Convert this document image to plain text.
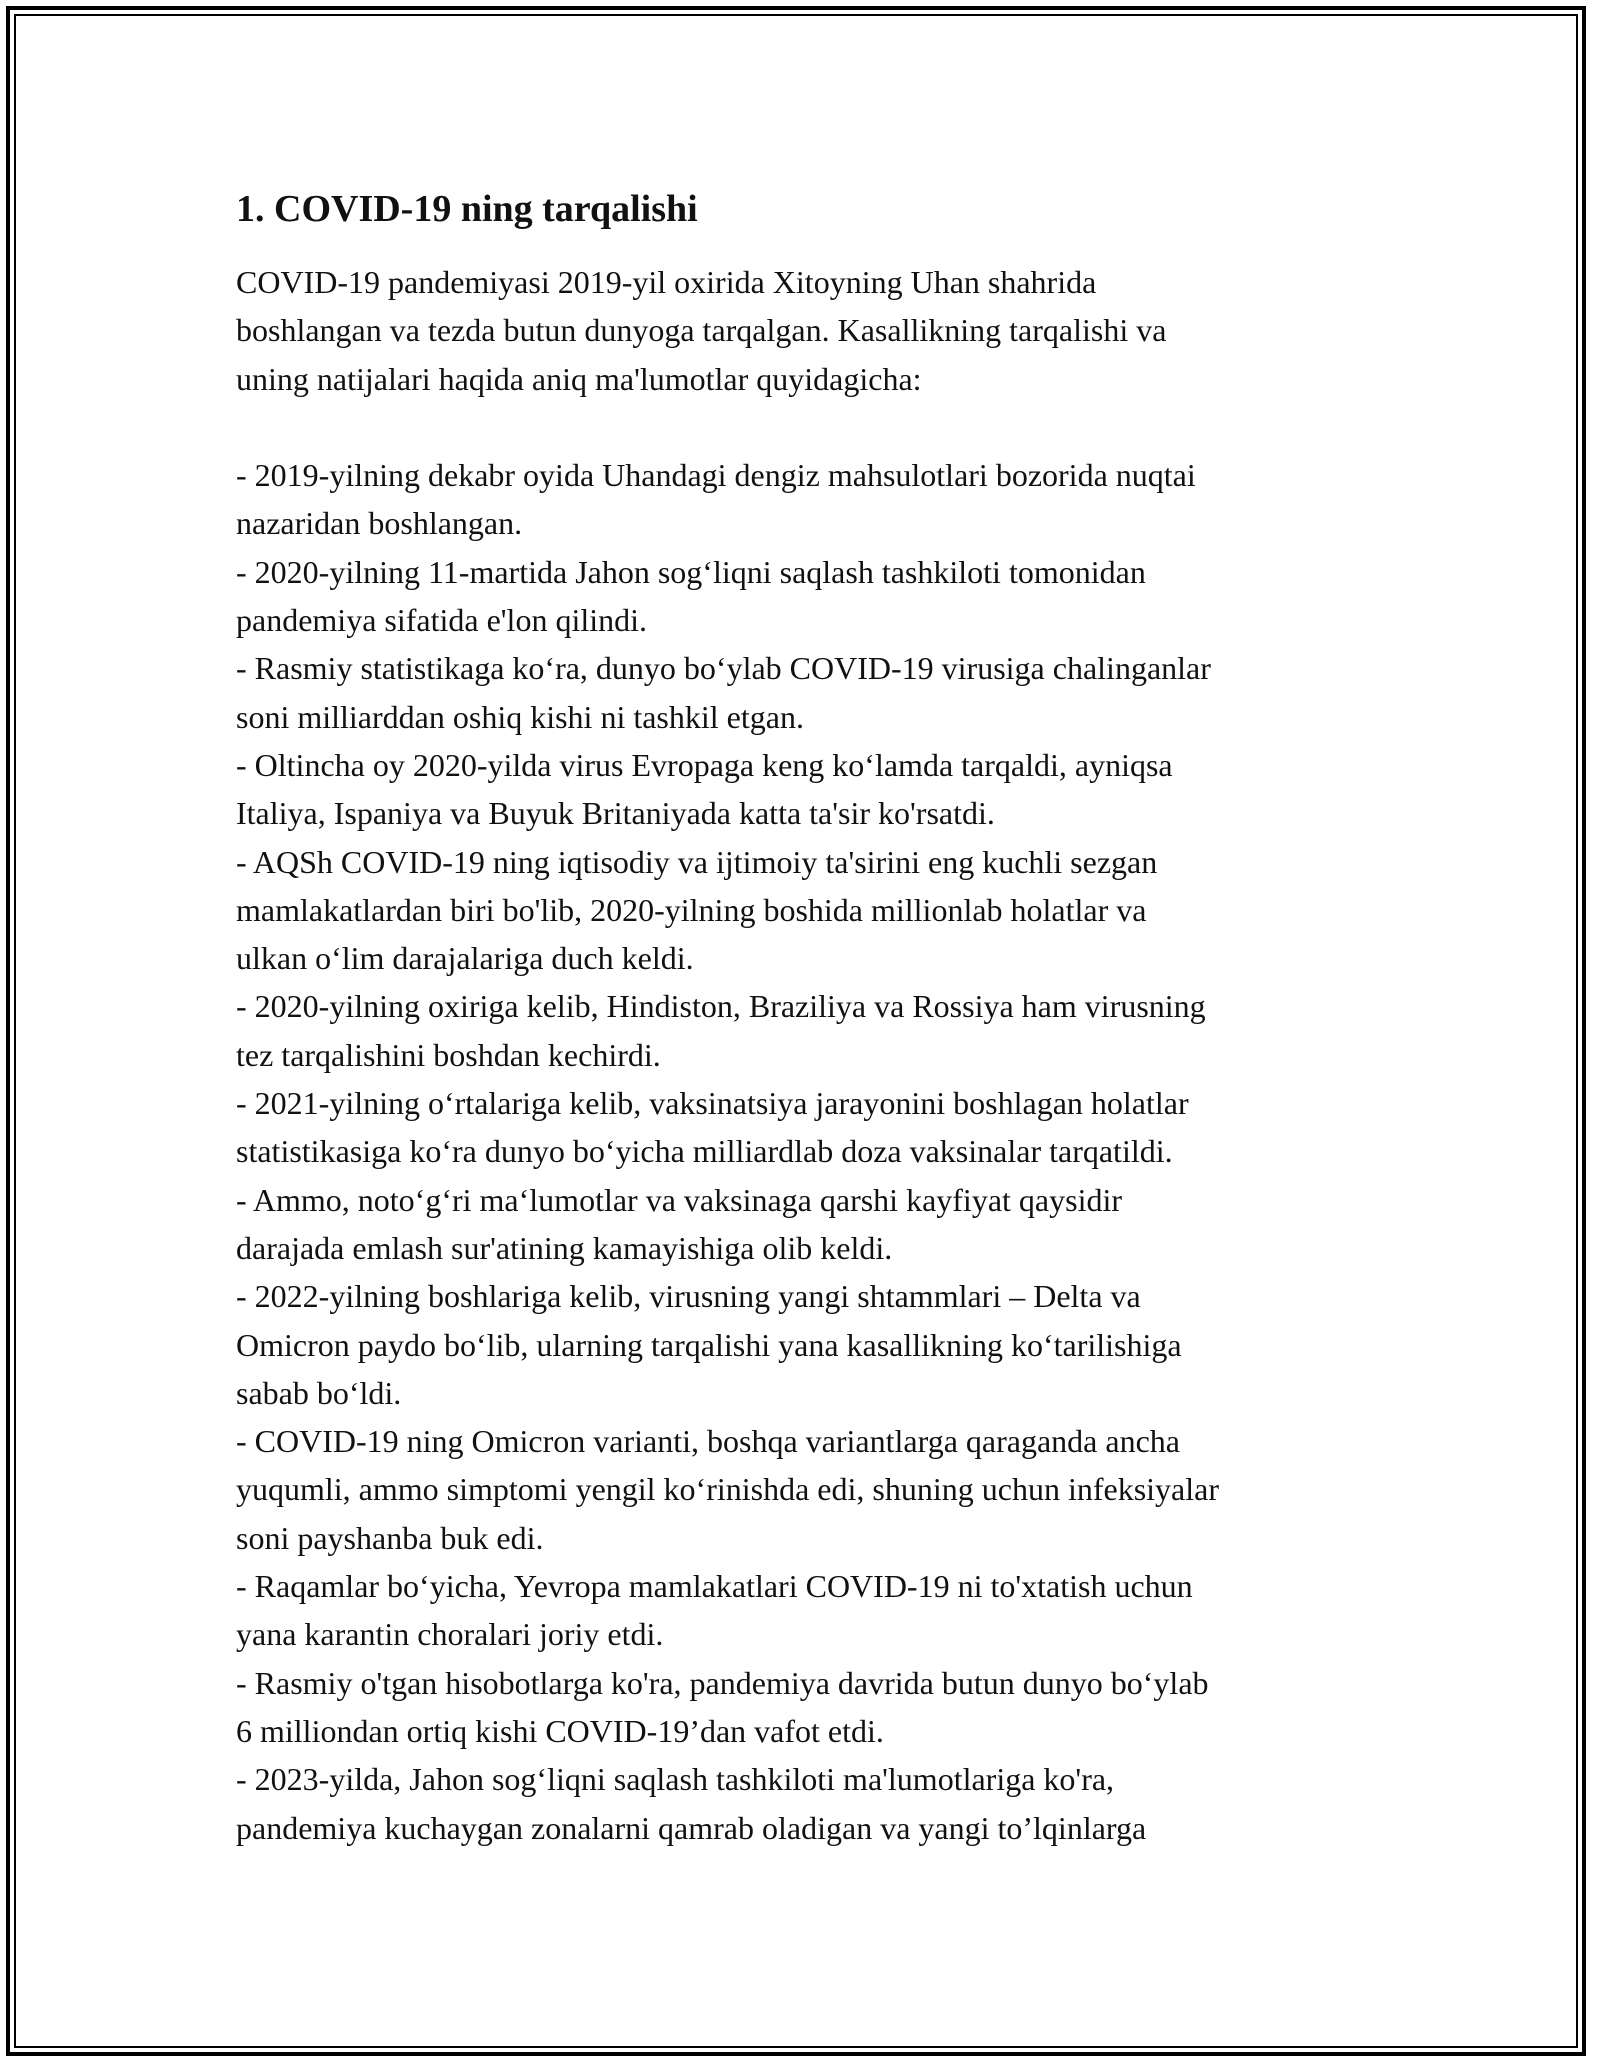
1. COVID-19 ning tarqalishi

COVID-19 pandemiyasi 2019-yil oxirida Xitoyning Uhan shahrida
boshlangan va tezda butun dunyoga tarqalgan. Kasallikning tarqalishi va
uning natijalari haqida aniq ma'lumotlar quyidagicha:

- 2019-yilning dekabr oyida Uhandagi dengiz mahsulotlari bozorida nuqtai
nazaridan boshlangan.
- 2020-yilning 11-martida Jahon sog‘liqni saqlash tashkiloti tomonidan
pandemiya sifatida e'lon qilindi.
- Rasmiy statistikaga ko‘ra, dunyo bo‘ylab COVID-19 virusiga chalinganlar
soni milliarddan oshiq kishi ni tashkil etgan.
- Oltincha oy 2020-yilda virus Evropaga keng ko‘lamda tarqaldi, ayniqsa
Italiya, Ispaniya va Buyuk Britaniyada katta ta'sir ko'rsatdi.
- AQSh COVID-19 ning iqtisodiy va ijtimoiy ta'sirini eng kuchli sezgan
mamlakatlardan biri bo'lib, 2020-yilning boshida millionlab holatlar va
ulkan o‘lim darajalariga duch keldi.
- 2020-yilning oxiriga kelib, Hindiston, Braziliya va Rossiya ham virusning
tez tarqalishini boshdan kechirdi.
- 2021-yilning o‘rtalariga kelib, vaksinatsiya jarayonini boshlagan holatlar
statistikasiga ko‘ra dunyo bo‘yicha milliardlab doza vaksinalar tarqatildi.
- Ammo, noto‘g‘ri ma‘lumotlar va vaksinaga qarshi kayfiyat qaysidir
darajada emlash sur'atining kamayishiga olib keldi.
- 2022-yilning boshlariga kelib, virusning yangi shtammlari – Delta va
Omicron paydo bo‘lib, ularning tarqalishi yana kasallikning ko‘tarilishiga
sabab bo‘ldi.
- COVID-19 ning Omicron varianti, boshqa variantlarga qaraganda ancha
yuqumli, ammo simptomi yengil ko‘rinishda edi, shuning uchun infeksiyalar
soni payshanba buk edi.
- Raqamlar bo‘yicha, Yevropa mamlakatlari COVID-19 ni to'xtatish uchun
yana karantin choralari joriy etdi.
- Rasmiy o'tgan hisobotlarga ko'ra, pandemiya davrida butun dunyo bo‘ylab
6 milliondan ortiq kishi COVID-19’dan vafot etdi.
- 2023-yilda, Jahon sog‘liqni saqlash tashkiloti ma'lumotlariga ko'ra,
pandemiya kuchaygan zonalarni qamrab oladigan va yangi to’lqinlarga
